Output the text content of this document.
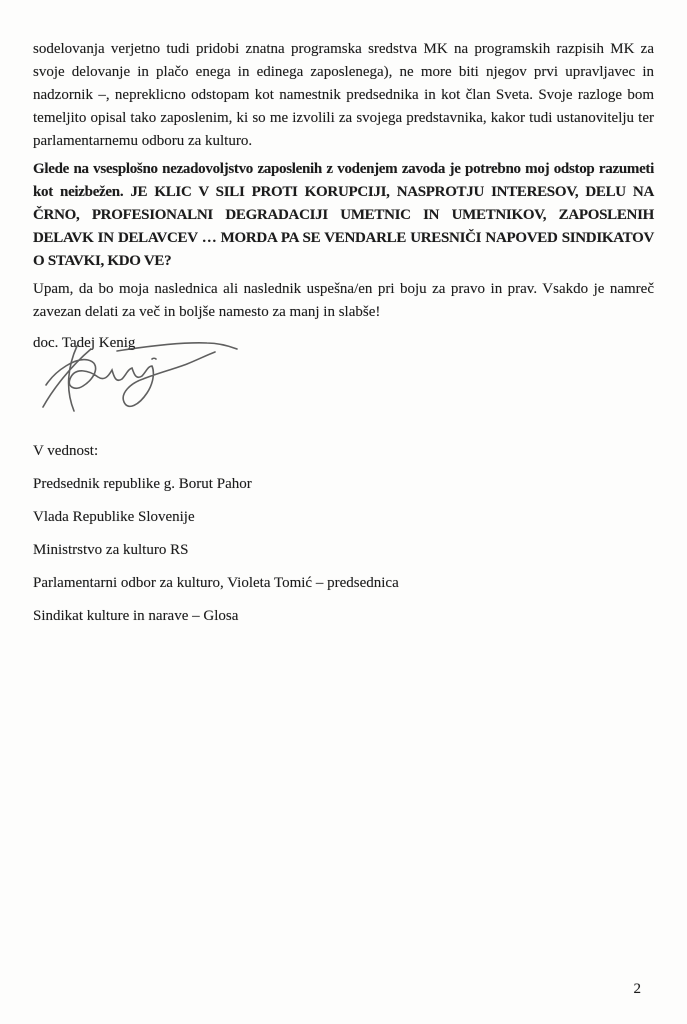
sodelovanja verjetno tudi pridobi znatna programska sredstva MK na programskih razpisih MK za svoje delovanje in plačo enega in edinega zaposlenega), ne more biti njegov prvi upravljavec in nadzornik –, nepreklicno odstopam kot namestnik predsednika in kot član Sveta. Svoje razloge bom temeljito opisal tako zaposlenim, ki so me izvolili za svojega predstavnika, kakor tudi ustanovitelju ter parlamentarnemu odboru za kulturo.

Glede na vsesplošno nezadovoljstvo zaposlenih z vodenjem zavoda je potrebno moj odstop razumeti kot neizbežen. JE KLIC V SILI PROTI KORUPCIJI, NASPROTJU INTERESOV, DELU NA ČRNO, PROFESIONALNI DEGRADACIJI UMETNIC IN UMETNIKOV, ZAPOSLENIH DELAVK IN DELAVCEV … MORDA PA SE VENDARLE URESNIČI NAPOVED SINDIKATOV O STAVKI, KDO VE?

Upam, da bo moja naslednica ali naslednik uspešna/en pri boju za pravo in prav. Vsakdo je namreč zavezan delati za več in boljše namesto za manj in slabše!

doc. Tadej Kenig

V vednost:

Predsednik republike g. Borut Pahor

Vlada Republike Slovenije

Ministrstvo za kulturo RS

Parlamentarni odbor za kulturo, Violeta Tomić – predsednica

Sindikat kulture in narave – Glosa

2
